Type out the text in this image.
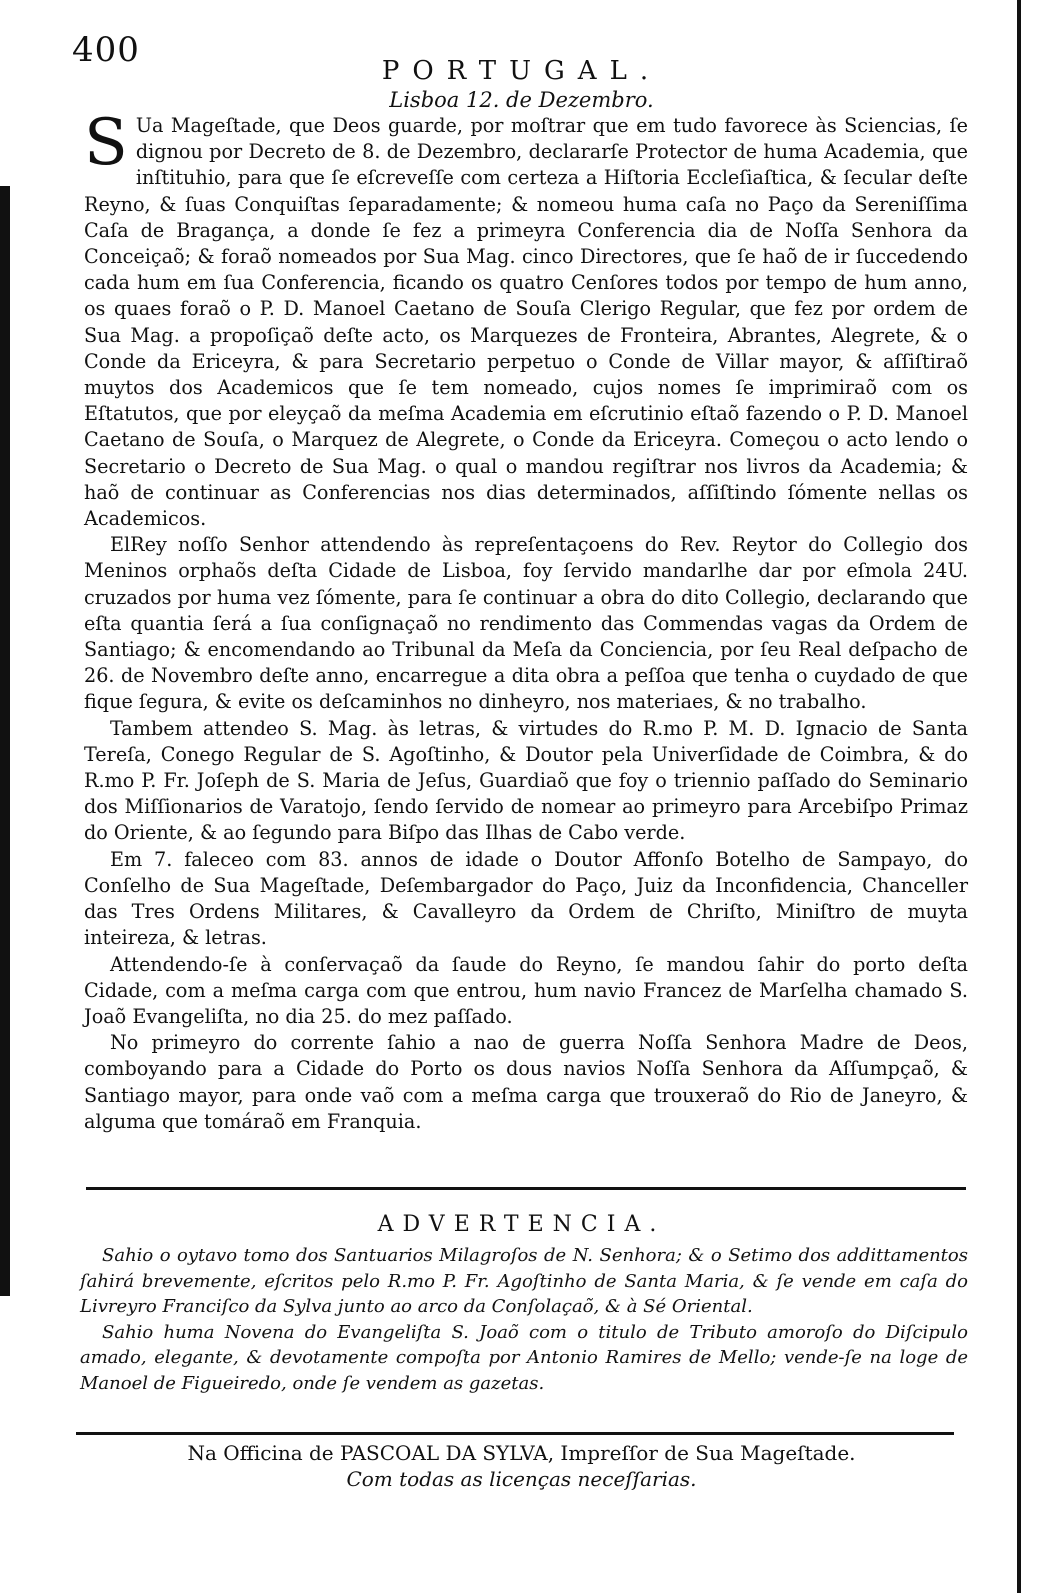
400
PORTUGAL.
Lisboa 12. de Dezembro.

S Ua Mageſtade, que Deos guarde, por moſtrar que em tudo favorece às Sciencias, ſe dignou por Decreto de 8. de Dezembro, declararſe Protector de huma Academia, que inſtituhio, para que ſe eſcreveſſe com certeza a Hiſtoria Eccleſiaſtica, & ſecular deſte Reyno, & ſuas Conquiſtas ſeparadamente; & nomeou huma caſa no Paço da Sereniſſima Caſa de Bragança, a donde ſe fez a primeyra Conferencia dia de Noſſa Senhora da Conceiçaõ; & foraõ nomeados por Sua Mag. cinco Directores, que ſe haõ de ir ſuccedendo cada hum em ſua Conferencia, ficando os quatro Cenſores todos por tempo de hum anno, os quaes foraõ o P. D. Manoel Caetano de Souſa Clerigo Regular, que fez por ordem de Sua Mag. a propoſiçaõ deſte acto, os Marquezes de Fronteira, Abrantes, Alegrete, & o Conde da Ericeyra, & para Secretario perpetuo o Conde de Villar mayor, & aſſiſtiraõ muytos dos Academicos que ſe tem nomeado, cujos nomes ſe imprimiraõ com os Eſtatutos, que por eleyçaõ da meſma Academia em eſcrutinio eſtaõ fazendo o P. D. Manoel Caetano de Souſa, o Marquez de Alegrete, o Conde da Ericeyra. Começou o acto lendo o Secretario o Decreto de Sua Mag. o qual o mandou regiſtrar nos livros da Academia; & haõ de continuar as Conferencias nos dias determinados, aſſiſtindo ſómente nellas os Academicos.

ElRey noſſo Senhor attendendo às repreſentaçoens do Rev. Reytor do Collegio dos Meninos orphaõs deſta Cidade de Lisboa, foy ſervido mandarlhe dar por eſmola 24U. cruzados por huma vez ſómente, para ſe continuar a obra do dito Collegio, declarando que eſta quantia ſerá a ſua conſignaçaõ no rendimento das Commendas vagas da Ordem de Santiago; & encomendando ao Tribunal da Meſa da Conciencia, por ſeu Real deſpacho de 26. de Novembro deſte anno, encarregue a dita obra a peſſoa que tenha o cuydado de que fique ſegura, & evite os deſcaminhos no dinheyro, nos materiaes, & no trabalho.

Tambem attendeo S. Mag. às letras, & virtudes do R.mo P. M. D. Ignacio de Santa Tereſa, Conego Regular de S. Agoſtinho, & Doutor pela Univerſidade de Coimbra, & do R.mo P. Fr. Joſeph de S. Maria de Jeſus, Guardiaõ que foy o triennio paſſado do Seminario dos Miſſionarios de Varatojo, ſendo ſervido de nomear ao primeyro para Arcebiſpo Primaz do Oriente, & ao ſegundo para Biſpo das Ilhas de Cabo verde.

Em 7. faleceo com 83. annos de idade o Doutor Affonſo Botelho de Sampayo, do Conſelho de Sua Mageſtade, Deſembargador do Paço, Juiz da Inconfidencia, Chanceller das Tres Ordens Militares, & Cavalleyro da Ordem de Chriſto, Miniſtro de muyta inteireza, & letras.

Attendendo-ſe à conſervaçaõ da ſaude do Reyno, ſe mandou ſahir do porto deſta Cidade, com a meſma carga com que entrou, hum navio Francez de Marſelha chamado S. Joaõ Evangeliſta, no dia 25. do mez paſſado.

No primeyro do corrente ſahio a nao de guerra Noſſa Senhora Madre de Deos, comboyando para a Cidade do Porto os dous navios Noſſa Senhora da Aſſumpçaõ, & Santiago mayor, para onde vaõ com a meſma carga que trouxeraõ do Rio de Janeyro, & alguma que tomáraõ em Franquia.

ADVERTENCIA.

Sahio o oytavo tomo dos Santuarios Milagroſos de N. Senhora; & o Setimo dos addittamentos ſahirá brevemente, eſcritos pelo R.mo P. Fr. Agoſtinho de Santa Maria, & ſe vende em caſa do Livreyro Franciſco da Sylva junto ao arco da Conſolaçaõ, & à Sé Oriental.

Sahio huma Novena do Evangeliſta S. Joaõ com o titulo de Tributo amoroſo do Diſcipulo amado, elegante, & devotamente compoſta por Antonio Ramires de Mello; vende-ſe na loge de Manoel de Figueiredo, onde ſe vendem as gazetas.

Na Officina de PASCOAL DA SYLVA, Impreſſor de Sua Mageſtade.
Com todas as licenças neceſſarias.
